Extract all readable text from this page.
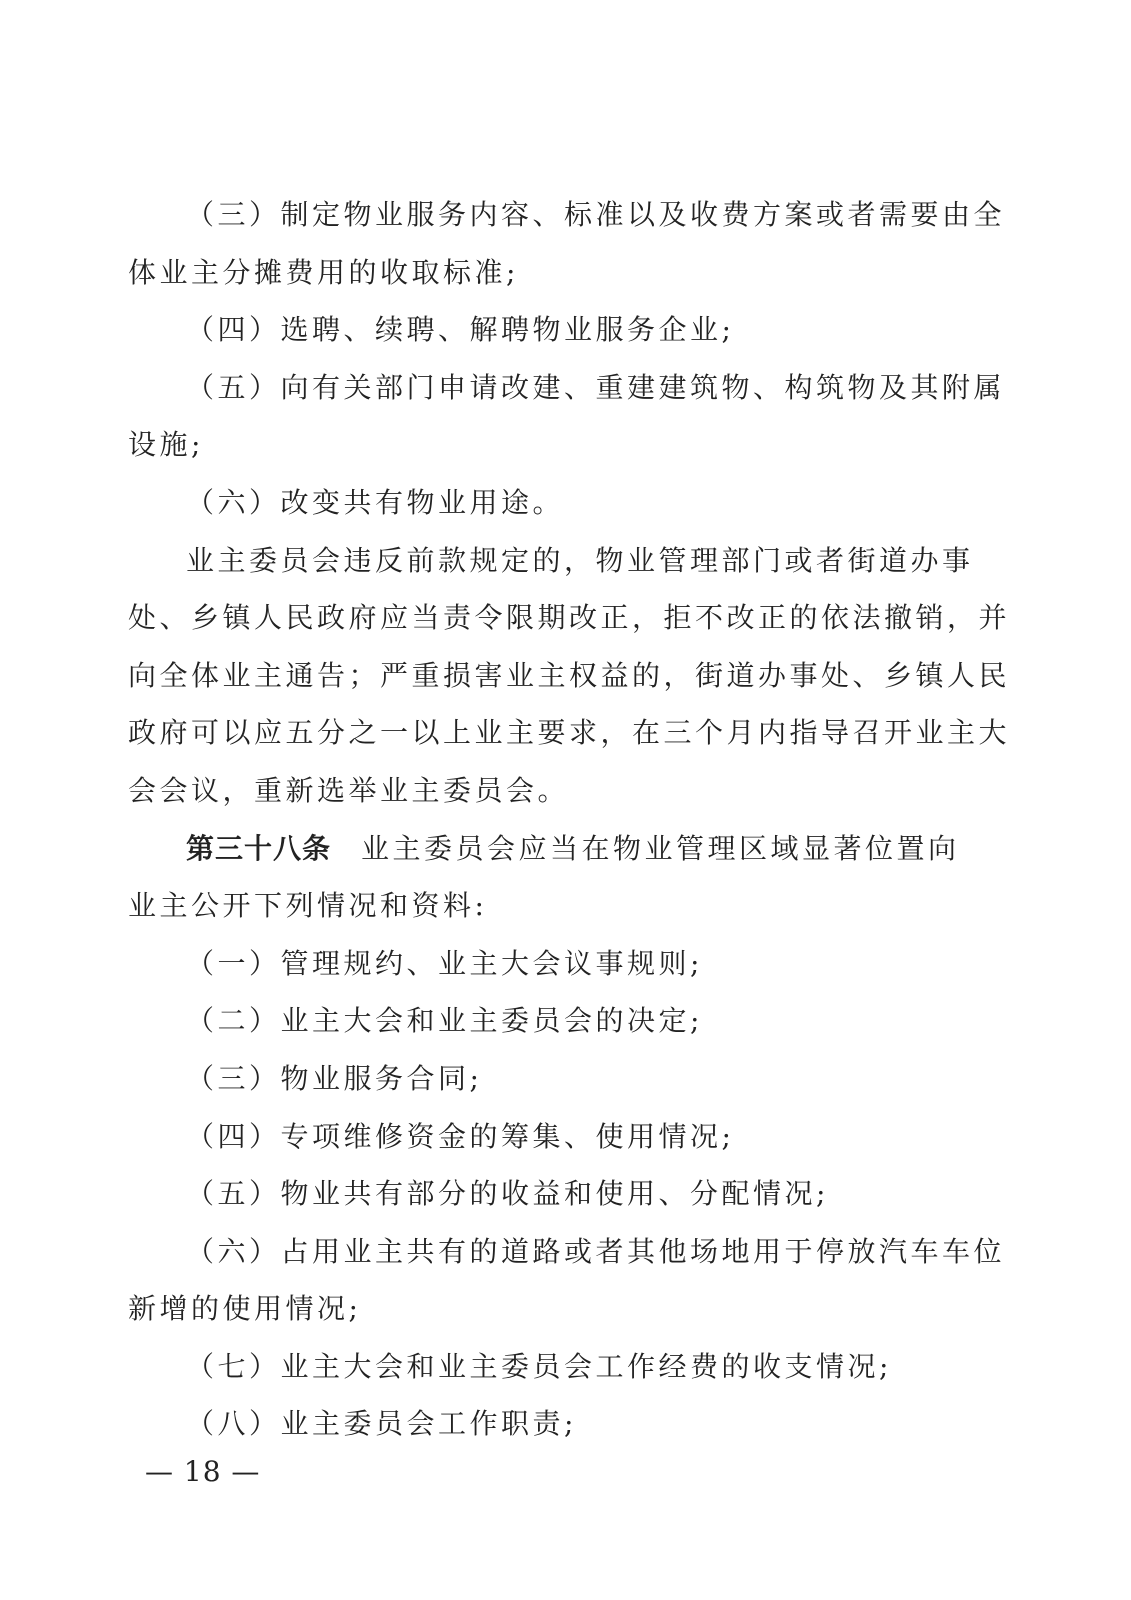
（三）制定物业服务内容、标准以及收费方案或者需要由全
体业主分摊费用的收取标准;
（四）选聘、续聘、解聘物业服务企业;
（五）向有关部门申请改建、重建建筑物、构筑物及其附属
设施;
（六）改变共有物业用途。
业主委员会违反前款规定的，物业管理部门或者街道办事
处、乡镇人民政府应当责令限期改正，拒不改正的依法撤销，并
向全体业主通告；严重损害业主权益的，街道办事处、乡镇人民
政府可以应五分之一以上业主要求，在三个月内指导召开业主大
会会议，重新选举业主委员会。
第三十八条 业主委员会应当在物业管理区域显著位置向
业主公开下列情况和资料:
（一）管理规约、业主大会议事规则;
（二）业主大会和业主委员会的决定;
（三）物业服务合同;
（四）专项维修资金的筹集、使用情况;
（五）物业共有部分的收益和使用、分配情况;
（六）占用业主共有的道路或者其他场地用于停放汽车车位
新增的使用情况;
（七）业主大会和业主委员会工作经费的收支情况;
（八）业主委员会工作职责;
— 18 —
